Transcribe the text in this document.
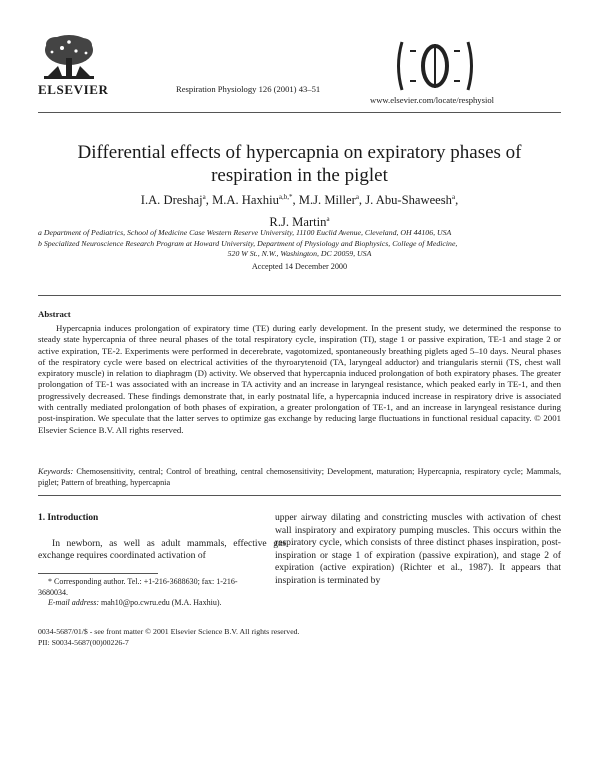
ELSEVIER	Respiration Physiology 126 (2001) 43–51
www.elsevier.com/locate/resphysiol
Differential effects of hypercapnia on expiratory phases of
respiration in the piglet
I.A. Dreshaj$^a$, M.A. Haxhiu$^{a,b,*}$, M.J. Miller$^a$, J. Abu-Shaweesh$^a$,
R.J. Martin$^a$
a Department of Pediatrics, School of Medicine Case Western Reserve University, 11100 Euclid Avenue, Cleveland, OH 44106, USA
b Specialized Neuroscience Research Program at Howard University, Department of Physiology and Biophysics, College of Medicine,
520 W St., N.W., Washington, DC 20059, USA
Accepted 14 December 2000
Abstract

Hypercapnia induces prolongation of expiratory time (TE) during early development. In the present study, we determined the response to steady state hypercapnia of three neural phases of the total respiratory cycle, inspiration (TI), stage 1 or passive expiration, TE-1 and stage 2 or active expiration, TE-2. Experiments were performed in decerebrate, vagotomized, spontaneously breathing piglets aged 5–10 days. Neural phases of the respiratory cycle were based on electrical activities of the thyroarytenoid (TA, laryngeal adductor) and triangularis sternii (TS, chest wall expiratory muscle) in relation to diaphragm (D) activity. We observed that hypercapnia induced prolongation of both expiratory phases. The greater prolongation of TE-1 was associated with an increase in TA activity and an increase in laryngeal resistance, which peaked early in TE-1, and then progressively decreased. These findings demonstrate that, in early postnatal life, a hypercapnia induced increase in respiratory drive is associated with centrally mediated prolongation of both phases of expiration, a greater prolongation of TE-1, and an increase in laryngeal resistance during post-inspiration. We speculate that the latter serves to optimize gas exchange by reducing large fluctuations in functional residual capacity. © 2001 Elsevier Science B.V. All rights reserved.

Keywords: Chemosensitivity, central; Control of breathing, central chemosensitivity; Development, maturation; Hypercapnia, respiratory cycle; Mammals, piglet; Pattern of breathing, hypercapnia

1. Introduction

In newborn, as well as adult mammals, effective gas exchange requires coordinated activation of

upper airway dilating and constricting muscles with activation of chest wall inspiratory and expiratory pumping muscles. This occurs within the respiratory cycle, which consists of three distinct phases inspiration, post-inspiration or stage 1 of expiration (passive expiration), and stage 2 of expiration (active expiration) (Richter et al., 1987). It appears that inspiration is terminated by

* Corresponding author. Tel.: +1-216-3688630; fax: 1-216-3680034.
E-mail address: mah10@po.cwru.edu (M.A. Haxhiu).
0034-5687/01/$ - see front matter © 2001 Elsevier Science B.V. All rights reserved.
PII: S0034-5687(00)00226-7
